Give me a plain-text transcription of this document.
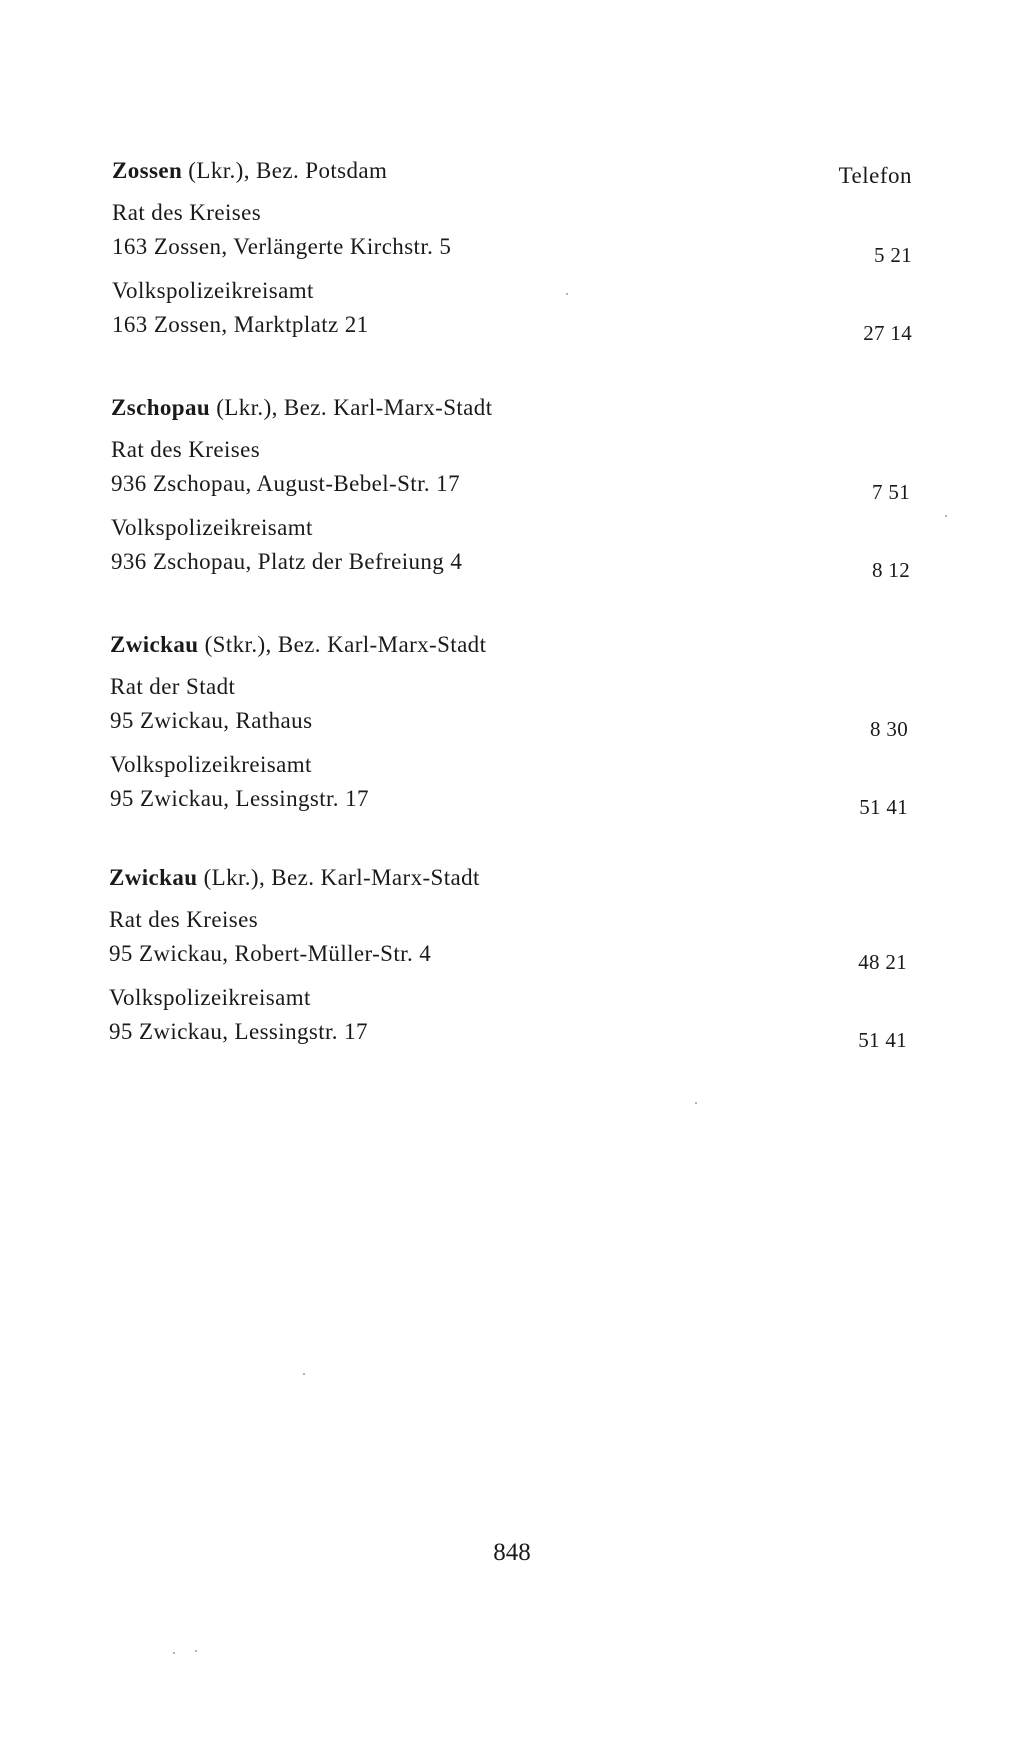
Telefon
Zossen (Lkr.), Bez. Potsdam
Rat des Kreises
163 Zossen, Verlängerte Kirchstr. 5	5 21
Volkspolizeikreisamt
163 Zossen, Marktplatz 21	27 14
Zschopau (Lkr.), Bez. Karl-Marx-Stadt
Rat des Kreises
936 Zschopau, August-Bebel-Str. 17	7 51
Volkspolizeikreisamt
936 Zschopau, Platz der Befreiung 4	8 12
Zwickau (Stkr.), Bez. Karl-Marx-Stadt
Rat der Stadt
95 Zwickau, Rathaus	8 30
Volkspolizeikreisamt
95 Zwickau, Lessingstr. 17	51 41
Zwickau (Lkr.), Bez. Karl-Marx-Stadt
Rat des Kreises
95 Zwickau, Robert-Müller-Str. 4	48 21
Volkspolizeikreisamt
95 Zwickau, Lessingstr. 17	51 41
848
